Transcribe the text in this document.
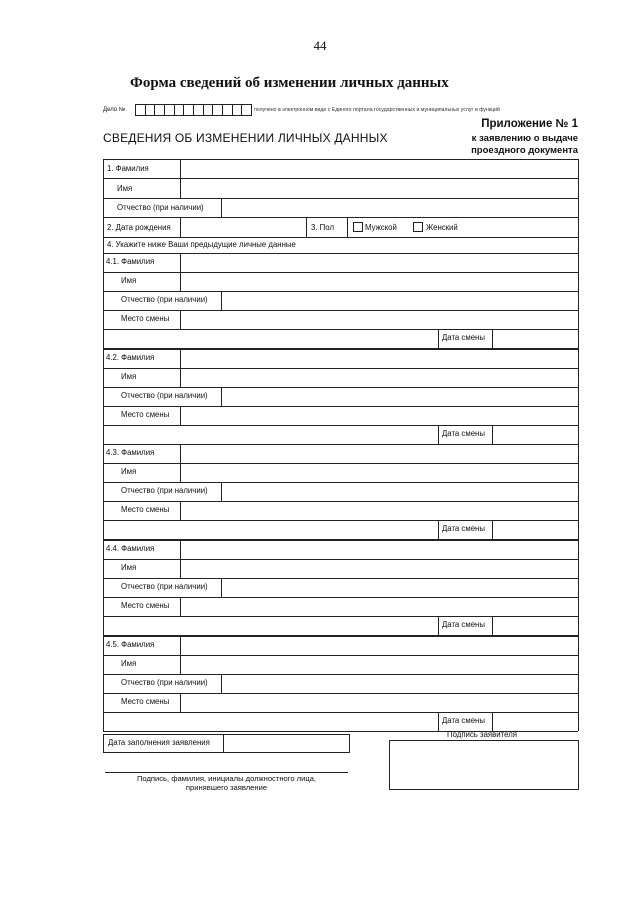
44
Форма сведений об изменении личных данных
Дело №	получено в электронном виде с Единого портала государственных и муниципальных услуг и функций
Приложение № 1
к заявлению о выдаче
проездного документа
СВЕДЕНИЯ ОБ ИЗМЕНЕНИИ ЛИЧНЫХ ДАННЫХ
1. Фамилия
Имя
Отчество (при наличии)
2. Дата рождения	3. Пол	Мужской	Женский
4. Укажите ниже Ваши предыдущие личные данные
4.1. Фамилия
Имя
Отчество (при наличии)
Место смены
Дата смены
4.2. Фамилия
Имя
Отчество (при наличии)
Место смены
Дата смены
4.3. Фамилия
Имя
Отчество (при наличии)
Место смены
Дата смены
4.4. Фамилия
Имя
Отчество (при наличии)
Место смены
Дата смены
4.5. Фамилия
Имя
Отчество (при наличии)
Место смены
Дата смены
Дата заполнения заявления
Подпись заявителя
Подпись, фамилия, инициалы должностного лица,
принявшего заявление
